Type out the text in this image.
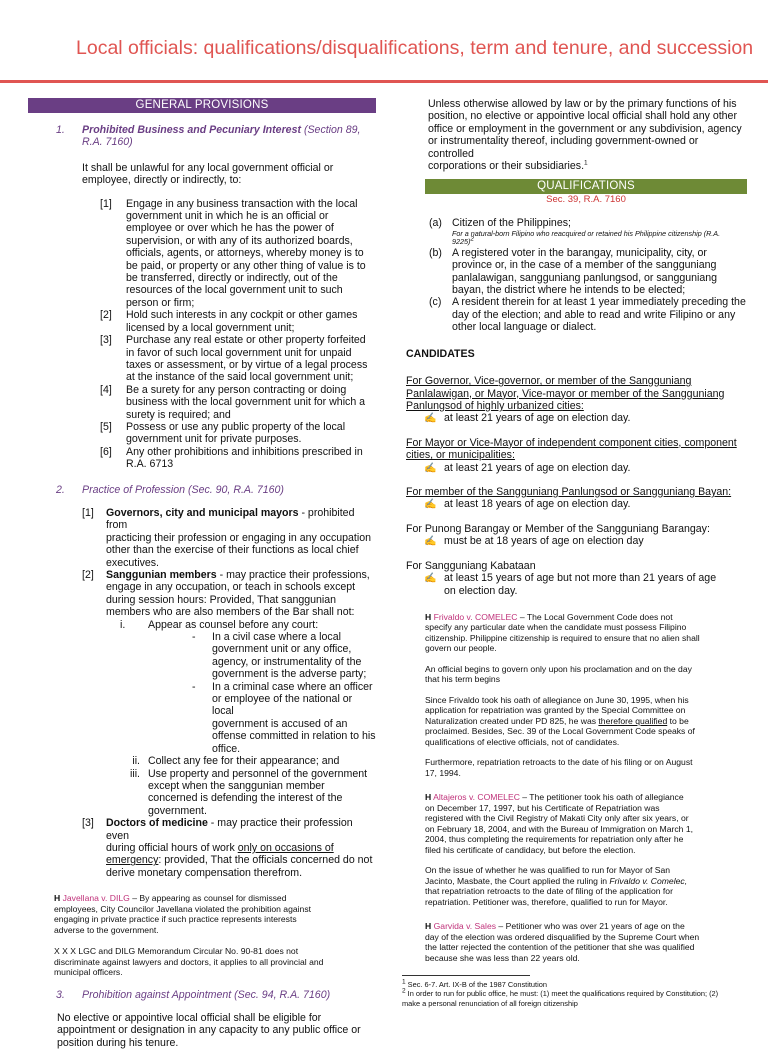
Local officials: qualifications/disqualifications, term and tenure, and succession
GENERAL PROVISIONS
1. Prohibited Business and Pecuniary Interest (Section 89,
R.A. 7160)
It shall be unlawful for any local government official or
employee, directly or indirectly, to:
[1]	Engage in any business transaction with the local
government unit in which he is an official or
employee or over which he has the power of
supervision, or with any of its authorized boards,
officials, agents, or attorneys, whereby money is to
be paid, or property or any other thing of value is to
be transferred, directly or indirectly, out of the
resources of the local government unit to such
person or firm;
[2]	Hold such interests in any cockpit or other games
licensed by a local government unit;
[3]	Purchase any real estate or other property forfeited
in favor of such local government unit for unpaid
taxes or assessment, or by virtue of a legal process
at the instance of the said local government unit;
[4]	Be a surety for any person contracting or doing
business with the local government unit for which a
surety is required; and
[5]	Possess or use any public property of the local
government unit for private purposes.
[6]	Any other prohibitions and inhibitions prescribed in
R.A. 6713
2. Practice of Profession (Sec. 90, R.A. 7160)
[1]	Governors, city and municipal mayors - prohibited from
practicing their profession or engaging in any occupation
other than the exercise of their functions as local chief
executives.
[2]	Sanggunian members - may practice their professions,
engage in any occupation, or teach in schools except
during session hours: Provided, That sanggunian
members who are also members of the Bar shall not:
i.	Appear as counsel before any court:
-	In a civil case where a local
government unit or any office,
agency, or instrumentality of the
government is the adverse party;
-	In a criminal case where an officer
or employee of the national or local
government is accused of an
offense committed in relation to his
office.
ii. Collect any fee for their appearance; and
iii. Use property and personnel of the government
except when the sanggunian member
concerned is defending the interest of the
government.
[3]	Doctors of medicine - may practice their profession even
during official hours of work only on occasions of
emergency: provided, That the officials concerned do not
derive monetary compensation therefrom.
H Javellana v. DILG – By appearing as counsel for dismissed
employees, City Councilor Javellana violated the prohibition against
engaging in private practice if such practice represents interests
adverse to the government.
X X X LGC and DILG Memorandum Circular No. 90-81 does not
discriminate against lawyers and doctors, it applies to all provincial and
municipal officers.
3. Prohibition against Appointment (Sec. 94, R.A. 7160)
No elective or appointive local official shall be eligible for
appointment or designation in any capacity to any public office or
position during his tenure.
Unless otherwise allowed by law or by the primary functions of his
position, no elective or appointive local official shall hold any other
office or employment in the government or any subdivision, agency
or instrumentality thereof, including government-owned or controlled
corporations or their subsidiaries.$^1$
QUALIFICATIONS
Sec. 39, R.A. 7160
(a) Citizen of the Philippines;
For a natural-born Filipino who reacquired or retained his Philippine citizenship (R.A.
9225)$^2$
(b) A registered voter in the barangay, municipality, city, or
province or, in the case of a member of the sangguniang
panlalawigan, sangguniang panlungsod, or sangguniang
bayan, the district where he intends to be elected;
(c)	A resident therein for at least 1 year immediately preceding the
day of the election; and able to read and write Filipino or any
other local language or dialect.
CANDIDATES
For Governor, Vice-governor, or member of the Sangguniang
Panlalawigan, or Mayor, Vice-mayor or member of the Sangguniang
Panlungsod of highly urbanized cities:
✍ at least 21 years of age on election day.
For Mayor or Vice-Mayor of independent component cities, component
cities, or municipalities:
✍ at least 21 years of age on election day.
For member of the Sangguniang Panlungsod or Sangguniang Bayan:
✍ at least 18 years of age on election day.
For Punong Barangay or Member of the Sangguniang Barangay:
✍ must be at 18 years of age on election day
For Sangguniang Kabataan
✍ at least 15 years of age but not more than 21 years of age
on election day.
H Frivaldo v. COMELEC – The Local Government Code does not
specify any particular date when the candidate must possess Filipino
citizenship. Philippine citizenship is required to ensure that no alien shall
govern our people.
An official begins to govern only upon his proclamation and on the day
that his term begins
Since Frivaldo took his oath of allegiance on June 30, 1995, when his
application for repatriation was granted by the Special Committee on
Naturalization created under PD 825, he was therefore qualified to be
proclaimed. Besides, Sec. 39 of the Local Government Code speaks of
qualifications of elective officials, not of candidates.
Furthermore, repatriation retroacts to the date of his filing or on August
17, 1994.
H Altajeros v. COMELEC – The petitioner took his oath of allegiance
on December 17, 1997, but his Certificate of Repatriation was
registered with the Civil Registry of Makati City only after six years, or
on February 18, 2004, and with the Bureau of Immigration on March 1,
2004, thus completing the requirements for repatriation only after he
filed his certificate of candidacy, but before the election.
On the issue of whether he was qualified to run for Mayor of San
Jacinto, Masbate, the Court applied the ruling in Frivaldo v. Comelec,
that repatriation retroacts to the date of filing of the application for
repatriation. Petitioner was, therefore, qualified to run for Mayor.
H Garvida v. Sales – Petitioner who was over 21 years of age on the
day of the election was ordered disqualified by the Supreme Court when
the latter rejected the contention of the petitioner that she was qualified
because she was less than 22 years old.
$^1$ Sec. 6-7. Art. IX-B of the 1987 Constitution
$^2$ In order to run for public office, he must: (1) meet the qualifications required by Constitution; (2)
make a personal renunciation of all foreign citizenship
